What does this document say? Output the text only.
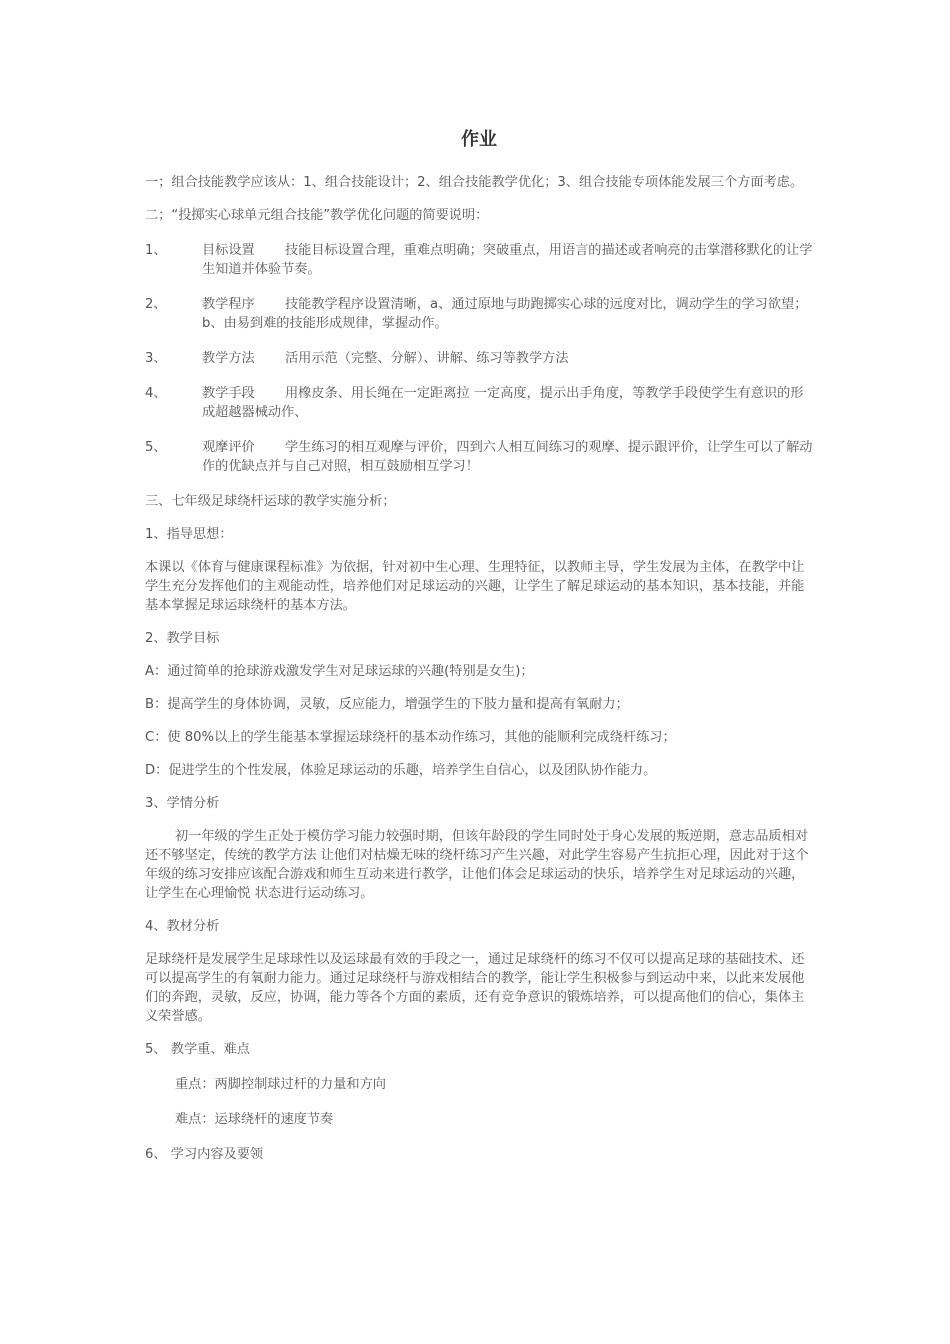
作业

一；组合技能教学应该从：1、组合技能设计；2、组合技能教学优化；3、组合技能专项体能发展三个方面考虑。

二；“投掷实心球单元组合技能”教学优化问题的简要说明：

1、	目标设置 技能目标设置合理，重难点明确；突破重点，用语言的描述或者响亮的击掌潜移默化的让学生知道并体验节奏。
2、	教学程序 技能教学程序设置清晰，a、通过原地与助跑掷实心球的远度对比，调动学生的学习欲望； b、由易到难的技能形成规律，掌握动作。
3、	教学方法 活用示范（完整、分解）、讲解、练习等教学方法
4、	教学手段 用橡皮条、用长绳在一定距离拉 一定高度，提示出手角度，等教学手段使学生有意识的形成超越器械动作、
5、	观摩评价 学生练习的相互观摩与评价，四到六人相互间练习的观摩、提示跟评价，让学生可以了解动作的优缺点并与自己对照，相互鼓励相互学习！

三、七年级足球绕杆运球的教学实施分析；

1、指导思想：

本课以《体育与健康课程标准》为依据，针对初中生心理、生理特征，以教师主导，学生发展为主体，在教学中让学生充分发挥他们的主观能动性，培养他们对足球运动的兴趣，让学生了解足球运动的基本知识，基本技能，并能基本掌握足球运球绕杆的基本方法。

2、教学目标

A：通过简单的抢球游戏激发学生对足球运球的兴趣(特别是女生)；

B：提高学生的身体协调，灵敏，反应能力，增强学生的下肢力量和提高有氧耐力；

C：使 80%以上的学生能基本掌握运球绕杆的基本动作练习，其他的能顺利完成绕杆练习；

D：促进学生的个性发展，体验足球运动的乐趣，培养学生自信心，以及团队协作能力。

3、学情分析

初一年级的学生正处于模仿学习能力较强时期，但该年龄段的学生同时处于身心发展的叛逆期，意志品质相对还不够坚定，传统的教学方法 让他们对枯燥无味的绕杆练习产生兴趣，对此学生容易产生抗拒心理，因此对于这个年级的练习安排应该配合游戏和师生互动来进行教学，让他们体会足球运动的快乐，培养学生对足球运动的兴趣，让学生在心理愉悦 状态进行运动练习。

4、教材分析

足球绕杆是发展学生足球球性以及运球最有效的手段之一，通过足球绕杆的练习不仅可以提高足球的基础技术、还可以提高学生的有氧耐力能力。通过足球绕杆与游戏相结合的教学，能让学生积极参与到运动中来，以此来发展他们的奔跑，灵敏，反应，协调，能力等各个方面的素质，还有竞争意识的锻炼培养，可以提高他们的信心，集体主义荣誉感。

5、 教学重、难点

重点：两脚控制球过杆的力量和方向

难点：运球绕杆的速度节奏

6、 学习内容及要领
